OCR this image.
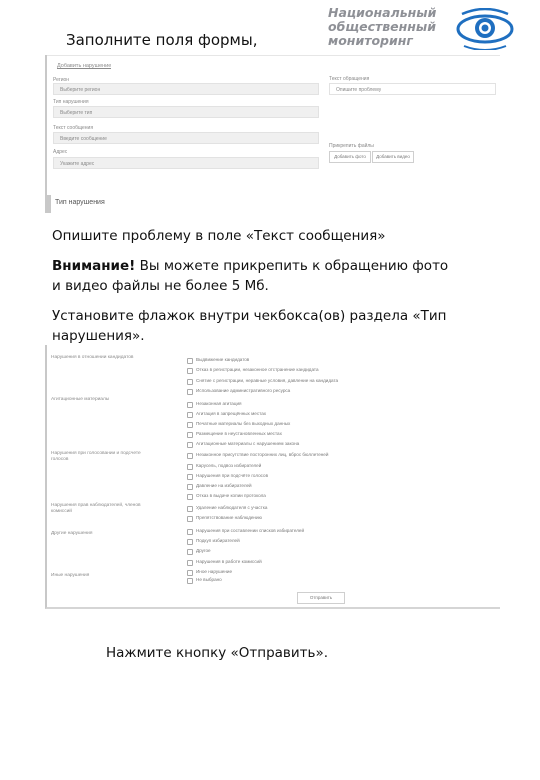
Заполните поля формы,
Национальный
общественный
мониторинг
Добавить нарушение
Регион
Выберите регион
Тип нарушения
Выберите тип
Текст сообщения
Введите сообщение
Адрес
Укажите адрес
Текст обращения
Опишите проблему
Прикрепить файлы
Добавить фото	Добавить видео
Тип нарушения
Опишите проблему в поле «Текст сообщения»
Внимание! Вы можете прикрепить к обращению фото
и видео файлы не более 5 Мб.
Установите флажок внутри чекбокса(ов) раздела «Тип
нарушения».
Нарушения в отношении кандидатов
Агитационные материалы
Нарушения при голосовании и подсчете голосов
Нарушения прав наблюдателей, членов комиссий
Другие нарушения
Иные нарушения
Выдвижение кандидатов
Отказ в регистрации, незаконное отстранение кандидата
Снятие с регистрации, неравные условия, давление на кандидата
Использование административного ресурса
Незаконная агитация
Агитация в запрещённых местах
Печатные материалы без выходных данных
Размещение в неустановленных местах
Агитационные материалы с нарушением закона
Незаконное присутствие посторонних лиц, вброс бюллетеней
Карусель, подвоз избирателей
Нарушения при подсчёте голосов
Давление на избирателей
Отказ в выдаче копии протокола
Удаление наблюдателя с участка
Препятствование наблюдению
Нарушения при составлении списков избирателей
Подкуп избирателей
Другое
Нарушения в работе комиссий
Иное нарушение
Не выбрано
Отправить
Нажмите кнопку «Отправить».
